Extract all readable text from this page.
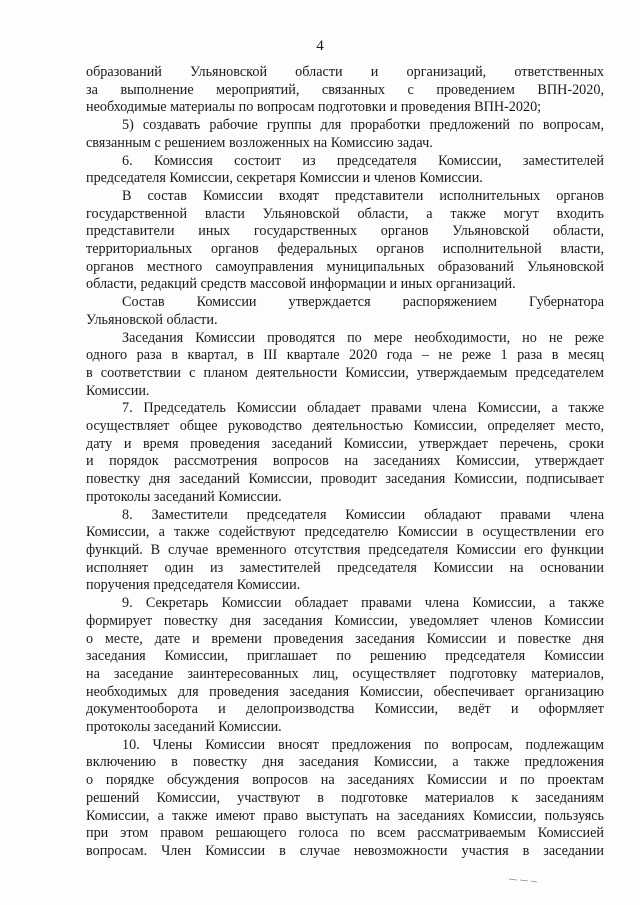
4
образований Ульяновской области и организаций, ответственных
за выполнение мероприятий, связанных с проведением ВПН-2020,
необходимые материалы по вопросам подготовки и проведения ВПН-2020;
5) создавать рабочие группы для проработки предложений по вопросам,
связанным с решением возложенных на Комиссию задач.
6. Комиссия состоит из председателя Комиссии, заместителей
председателя Комиссии, секретаря Комиссии и членов Комиссии.
В состав Комиссии входят представители исполнительных органов
государственной власти Ульяновской области, а также могут входить
представители иных государственных органов Ульяновской области,
территориальных органов федеральных органов исполнительной власти,
органов местного самоуправления муниципальных образований Ульяновской
области, редакций средств массовой информации и иных организаций.
Состав Комиссии утверждается распоряжением Губернатора
Ульяновской области.
Заседания Комиссии проводятся по мере необходимости, но не реже
одного раза в квартал, в III квартале 2020 года – не реже 1 раза в месяц
в соответствии с планом деятельности Комиссии, утверждаемым председателем
Комиссии.
7. Председатель Комиссии обладает правами члена Комиссии, а также
осуществляет общее руководство деятельностью Комиссии, определяет место,
дату и время проведения заседаний Комиссии, утверждает перечень, сроки
и порядок рассмотрения вопросов на заседаниях Комиссии, утверждает
повестку дня заседаний Комиссии, проводит заседания Комиссии, подписывает
протоколы заседаний Комиссии.
8. Заместители председателя Комиссии обладают правами члена
Комиссии, а также содействуют председателю Комиссии в осуществлении его
функций. В случае временного отсутствия председателя Комиссии его функции
исполняет один из заместителей председателя Комиссии на основании
поручения председателя Комиссии.
9. Секретарь Комиссии обладает правами члена Комиссии, а также
формирует повестку дня заседания Комиссии, уведомляет членов Комиссии
о месте, дате и времени проведения заседания Комиссии и повестке дня
заседания Комиссии, приглашает по решению председателя Комиссии
на заседание заинтересованных лиц, осуществляет подготовку материалов,
необходимых для проведения заседания Комиссии, обеспечивает организацию
документооборота и делопроизводства Комиссии, ведёт и оформляет
протоколы заседаний Комиссии.
10. Члены Комиссии вносят предложения по вопросам, подлежащим
включению в повестку дня заседания Комиссии, а также предложения
о порядке обсуждения вопросов на заседаниях Комиссии и по проектам
решений Комиссии, участвуют в подготовке материалов к заседаниям
Комиссии, а также имеют право выступать на заседаниях Комиссии, пользуясь
при этом правом решающего голоса по всем рассматриваемым Комиссией
вопросам. Член Комиссии в случае невозможности участия в заседании
